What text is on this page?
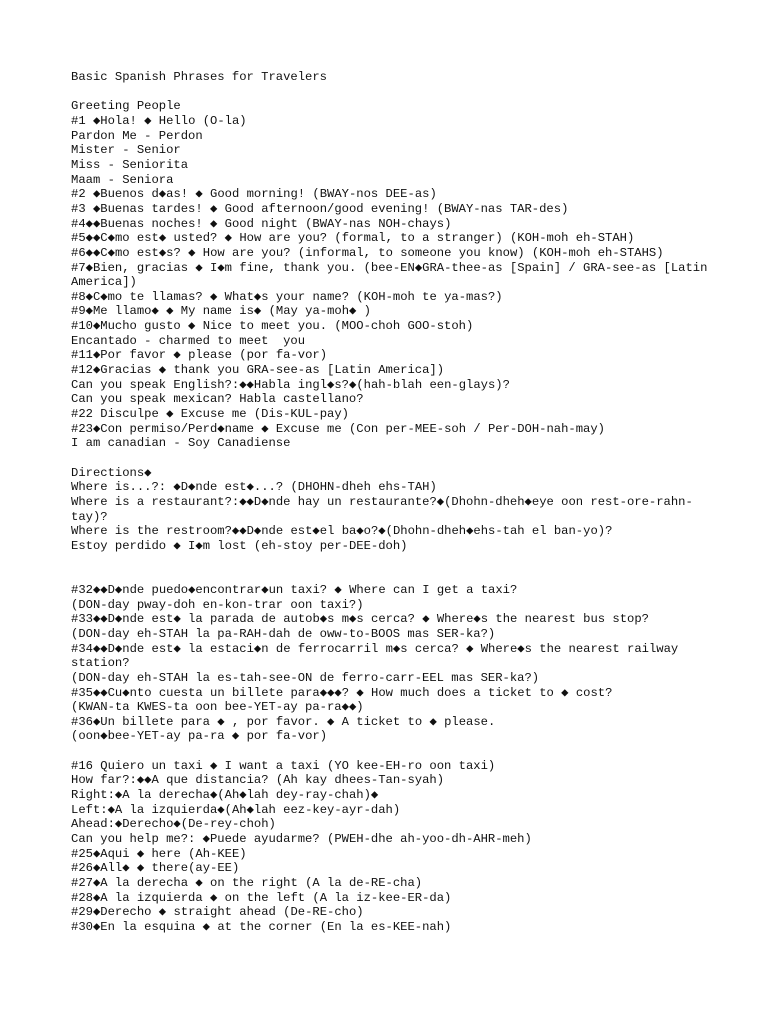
Basic Spanish Phrases for Travelers

Greeting People

#1 ◆Hola! ◆ Hello (O-la)

Pardon Me - Perdon

Mister - Senior

Miss - Seniorita

Maam - Seniora

#2 ◆Buenos d◆as! ◆ Good morning! (BWAY-nos DEE-as)

#3 ◆Buenas tardes! ◆ Good afternoon/good evening! (BWAY-nas TAR-des)

#4◆◆Buenas noches! ◆ Good night (BWAY-nas NOH-chays)

#5◆◆C◆mo est◆ usted? ◆ How are you? (formal, to a stranger) (KOH-moh eh-STAH)

#6◆◆C◆mo est◆s? ◆ How are you? (informal, to someone you know) (KOH-moh eh-STAHS)

#7◆Bien, gracias ◆ I◆m fine, thank you. (bee-EN◆GRA-thee-as [Spain] / GRA-see-as [Latin America])

#8◆C◆mo te llamas? ◆ What◆s your name? (KOH-moh te ya-mas?)

#9◆Me llamo◆ ◆ My name is◆ (May ya-moh◆ )

#10◆Mucho gusto ◆ Nice to meet you. (MOO-choh GOO-stoh)

Encantado - charmed to meet  you

#11◆Por favor ◆ please (por fa-vor)

#12◆Gracias ◆ thank you GRA-see-as [Latin America])

Can you speak English?:◆◆Habla ingl◆s?◆(hah-blah een-glays)?

Can you speak mexican? Habla castellano?

#22 Disculpe ◆ Excuse me (Dis-KUL-pay)

#23◆Con permiso/Perd◆name ◆ Excuse me (Con per-MEE-soh / Per-DOH-nah-may)

I am canadian - Soy Canadiense

Directions◆

Where is...?: ◆D◆nde est◆...? (DHOHN-dheh ehs-TAH)

Where is a restaurant?:◆◆D◆nde hay un restaurante?◆(Dhohn-dheh◆eye oon rest-ore-rahn-tay)?

Where is the restroom?◆◆D◆nde est◆el ba◆o?◆(Dhohn-dheh◆ehs-tah el ban-yo)?

Estoy perdido ◆ I◆m lost (eh-stoy per-DEE-doh)

#32◆◆D◆nde puedo◆encontrar◆un taxi? ◆ Where can I get a taxi?

(DON-day pway-doh en-kon-trar oon taxi?)

#33◆◆D◆nde est◆ la parada de autob◆s m◆s cerca? ◆ Where◆s the nearest bus stop?

(DON-day eh-STAH la pa-RAH-dah de oww-to-BOOS mas SER-ka?)

#34◆◆D◆nde est◆ la estaci◆n de ferrocarril m◆s cerca? ◆ Where◆s the nearest railway station?

(DON-day eh-STAH la es-tah-see-ON de ferro-carr-EEL mas SER-ka?)

#35◆◆Cu◆nto cuesta un billete para◆◆◆? ◆ How much does a ticket to ◆ cost?

(KWAN-ta KWES-ta oon bee-YET-ay pa-ra◆◆)

#36◆Un billete para ◆ , por favor. ◆ A ticket to ◆ please.

(oon◆bee-YET-ay pa-ra ◆ por fa-vor)

#16 Quiero un taxi ◆ I want a taxi (YO kee-EH-ro oon taxi)

How far?:◆◆A que distancia? (Ah kay dhees-Tan-syah)

Right:◆A la derecha◆(Ah◆lah dey-ray-chah)◆

Left:◆A la izquierda◆(Ah◆lah eez-key-ayr-dah)

Ahead:◆Derecho◆(De-rey-choh)

Can you help me?: ◆Puede ayudarme? (PWEH-dhe ah-yoo-dh-AHR-meh)

#25◆Aqui ◆ here (Ah-KEE)

#26◆All◆ ◆ there(ay-EE)

#27◆A la derecha ◆ on the right (A la de-RE-cha)

#28◆A la izquierda ◆ on the left (A la iz-kee-ER-da)

#29◆Derecho ◆ straight ahead (De-RE-cho)

#30◆En la esquina ◆ at the corner (En la es-KEE-nah)
